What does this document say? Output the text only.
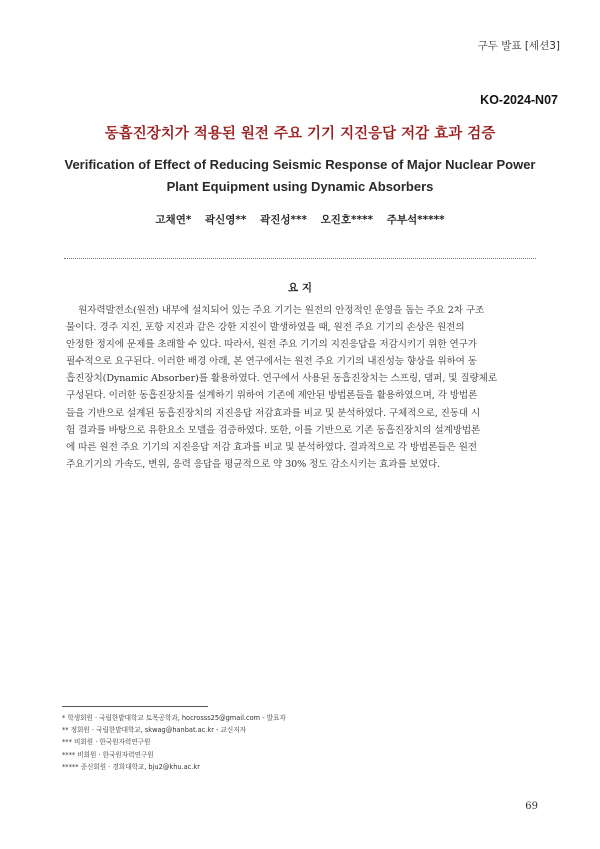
구두 발표 [세션3]
KO-2024-N07
동흡진장치가 적용된 원전 주요 기기 지진응답 저감 효과 검증
Verification of Effect of Reducing Seismic Response of Major Nuclear Power Plant Equipment using Dynamic Absorbers
고채연* 곽신영** 곽진성*** 오진호**** 주부석*****
요 지
원자력발전소(원전) 내부에 설치되어 있는 주요 기기는 원전의 안정적인 운영을 돕는 주요 2차 구조
물이다. 경주 지진, 포항 지진과 같은 강한 지진이 발생하였을 때, 원전 주요 기기의 손상은 원전의
안정한 정지에 문제를 초래할 수 있다. 따라서, 원전 주요 기기의 지진응답을 저감시키기 위한 연구가
필수적으로 요구된다. 이러한 배경 아래, 본 연구에서는 원전 주요 기기의 내진성능 향상을 위하여 동
흡진장치(Dynamic Absorber)를 활용하였다. 연구에서 사용된 동흡진장치는 스프링, 댐퍼, 및 질량체로
구성된다. 이러한 동흡진장치를 설계하기 위하여 기존에 제안된 방법론들을 활용하였으며, 각 방법론
들을 기반으로 설계된 동흡진장치의 지진응답 저감효과를 비교 및 분석하였다. 구체적으로, 진동대 시
험 결과를 바탕으로 유한요소 모델을 검증하였다. 또한, 이를 기반으로 기존 동흡진장치의 설계방법론
에 따른 원전 주요 기기의 지진응답 저감 효과를 비교 및 분석하였다. 결과적으로 각 방법론들은 원전
주요기기의 가속도, 변위, 응력 응답을 평균적으로 약 30% 정도 감소시키는 효과를 보였다.
* 학생회원 · 국립한밭대학교 토목공학과, hocrosss25@gmail.com - 발표자
** 정회원 · 국립한밭대학교, skwag@hanbat.ac.kr - 교신저자
*** 비회원 · 한국원자력연구원
**** 비회원 · 한국원자력연구원
***** 종신회원 · 경희대학교, bju2@khu.ac.kr
69
